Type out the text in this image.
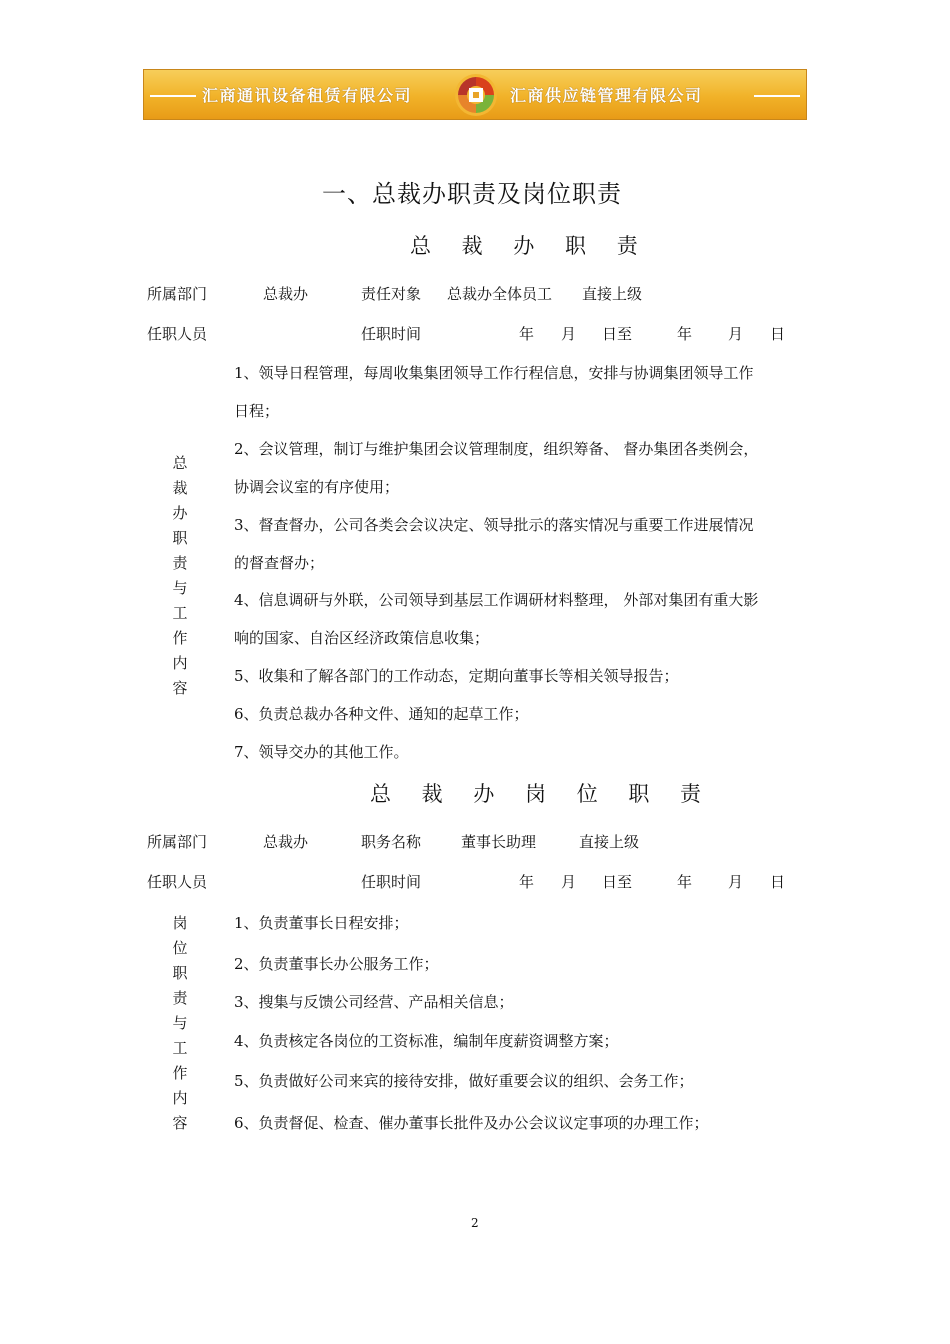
汇商通讯设备租赁有限公司	汇商供应链管理有限公司
一、总裁办职责及岗位职责
总 裁 办 职 责
所属部门	总裁办	责任对象 总裁办全体员工 直接上级
任职人员	任职时间	年 月 日至	年 月 日
总
裁
办
职
责
与
工
作
内
容
1、领导日程管理，每周收集集团领导工作行程信息，安排与协调集团领导工作
日程；
2、会议管理，制订与维护集团会议管理制度，组织筹备、 督办集团各类例会，
协调会议室的有序使用；
3、督查督办，公司各类会会议决定、领导批示的落实情况与重要工作进展情况
的督查督办；
4、信息调研与外联，公司领导到基层工作调研材料整理， 外部对集团有重大影
响的国家、自治区经济政策信息收集；
5、收集和了解各部门的工作动态，定期向董事长等相关领导报告；
6、负责总裁办各种文件、通知的起草工作；
7、领导交办的其他工作。
总 裁 办 岗 位 职 责
所属部门	总裁办	职务名称	董事长助理	直接上级
任职人员	任职时间	年 月 日至	年 月 日
岗
位
职
责
与
工
作
内
容
1、负责董事长日程安排；
2、负责董事长办公服务工作；
3、搜集与反馈公司经营、产品相关信息；
4、负责核定各岗位的工资标准，编制年度薪资调整方案；
5、负责做好公司来宾的接待安排，做好重要会议的组织、会务工作；
6、负责督促、检查、催办董事长批件及办公会议议定事项的办理工作；
2
